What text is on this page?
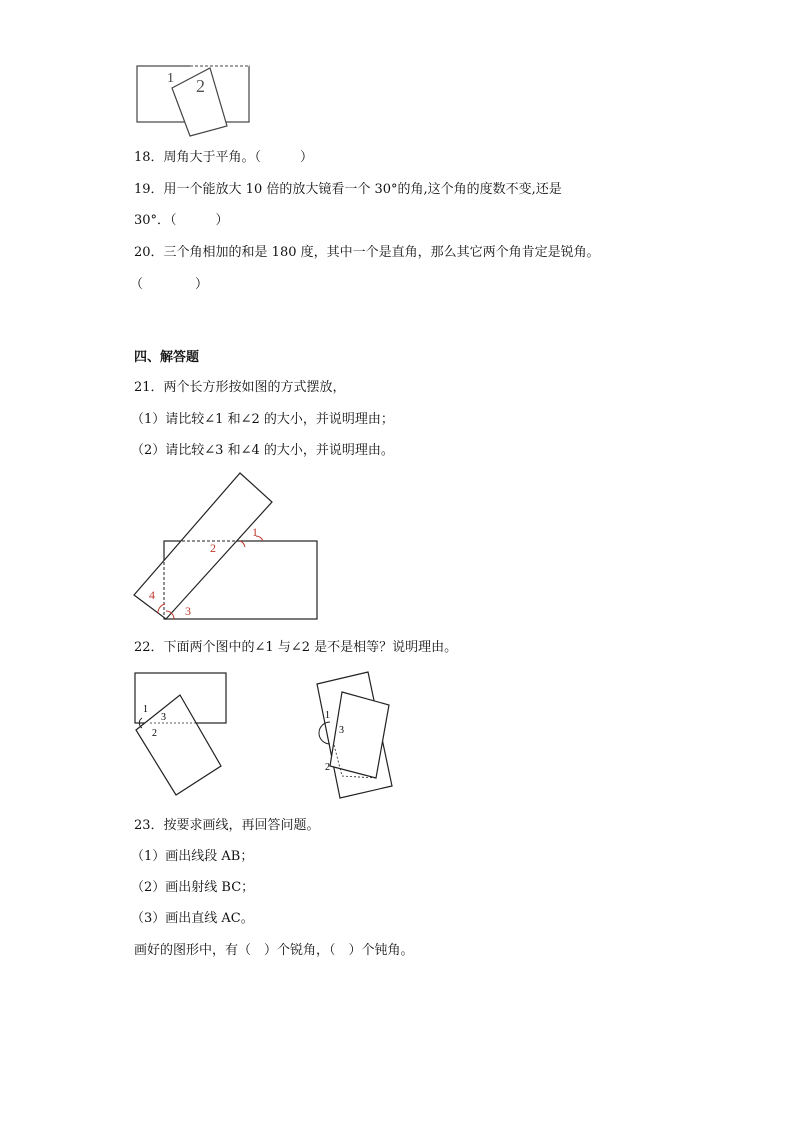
1 2
18．周角大于平角。（　　　）
19．用一个能放大 10 倍的放大镜看一个 30°的角,这个角的度数不变,还是
30°．（　　　）
20．三个角相加的和是 180 度，其中一个是直角，那么其它两个角肯定是锐角。
（　　　　）
四、解答题
21．两个长方形按如图的方式摆放，
（1）请比较∠1 和∠2 的大小，并说明理由；
（2）请比较∠3 和∠4 的大小，并说明理由。
1
2
3
4
22．下面两个图中的∠1 与∠2 是不是相等？说明理由。
1
3
2
1
3
2
23．按要求画线，再回答问题。
（1）画出线段 AB；
（2）画出射线 BC；
（3）画出直线 AC。
画好的图形中，有（　）个锐角，（　）个钝角。
